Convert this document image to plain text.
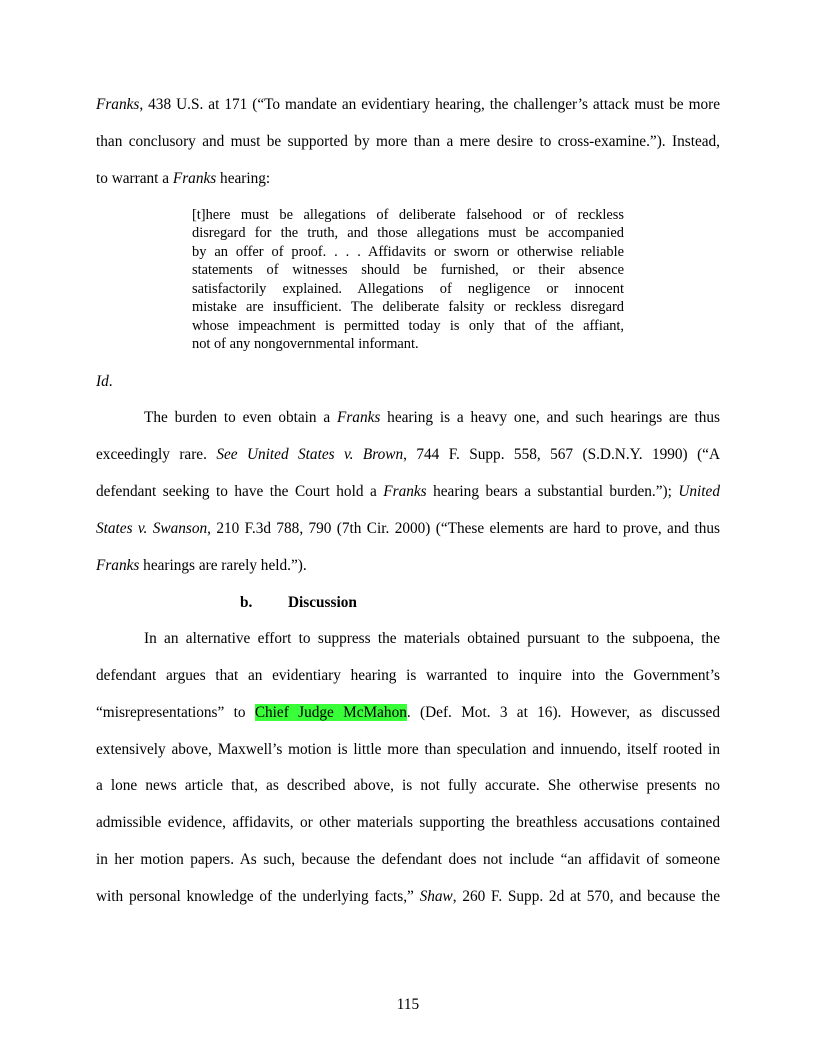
Franks, 438 U.S. at 171 (“To mandate an evidentiary hearing, the challenger’s attack must be more
than conclusory and must be supported by more than a mere desire to cross-examine.”). Instead,
to warrant a Franks hearing:
[t]here must be allegations of deliberate falsehood or of reckless
disregard for the truth, and those allegations must be accompanied
by an offer of proof. . . . Affidavits or sworn or otherwise reliable
statements of witnesses should be furnished, or their absence
satisfactorily explained. Allegations of negligence or innocent
mistake are insufficient. The deliberate falsity or reckless disregard
whose impeachment is permitted today is only that of the affiant,
not of any nongovernmental informant.
Id.
The burden to even obtain a Franks hearing is a heavy one, and such hearings are thus
exceedingly rare. See United States v. Brown, 744 F. Supp. 558, 567 (S.D.N.Y. 1990) (“A
defendant seeking to have the Court hold a Franks hearing bears a substantial burden.”); United
States v. Swanson, 210 F.3d 788, 790 (7th Cir. 2000) (“These elements are hard to prove, and thus
Franks hearings are rarely held.”).
b. Discussion
In an alternative effort to suppress the materials obtained pursuant to the subpoena, the
defendant argues that an evidentiary hearing is warranted to inquire into the Government’s
“misrepresentations” to Chief Judge McMahon. (Def. Mot. 3 at 16). However, as discussed
extensively above, Maxwell’s motion is little more than speculation and innuendo, itself rooted in
a lone news article that, as described above, is not fully accurate. She otherwise presents no
admissible evidence, affidavits, or other materials supporting the breathless accusations contained
in her motion papers. As such, because the defendant does not include “an affidavit of someone
with personal knowledge of the underlying facts,” Shaw, 260 F. Supp. 2d at 570, and because the
115
